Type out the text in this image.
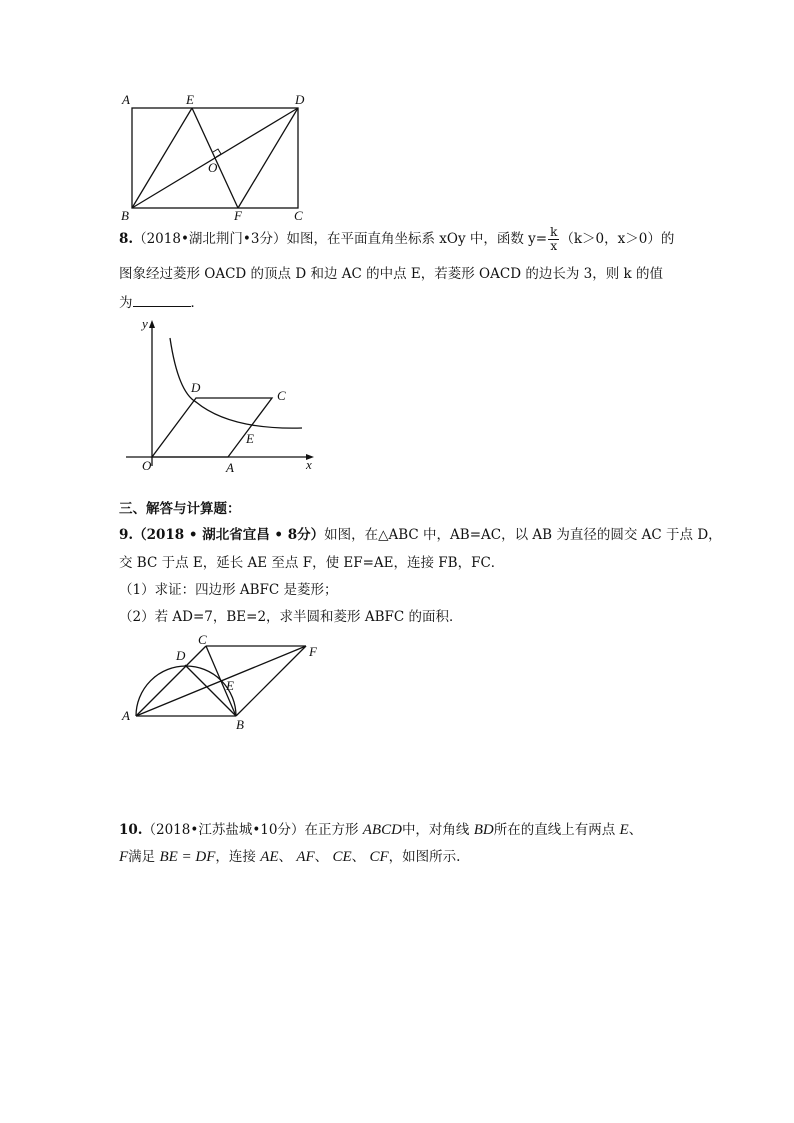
A	E	D
O
B	F	C
8.（2018•湖北荆门•3分）如图，在平面直角坐标系 xOy 中，函数 $y= \frac{k}{x} (k>0$，x＞0）的
图象经过菱形 OACD 的顶点 D 和边 AC 的中点 E，若菱形 OACD 的边长为 3，则 k 的值
为	．
y
x
O	A
C
D
E
三、解答与计算题：
9.（2018 • 湖北省宜昌 • 8分）如图，在△ABC 中，AB=AC，以 AB 为直径的圆交 AC 于点 D，
交 BC 于点 E，延长 AE 至点 F，使 EF=AE，连接 FB，FC．
（1）求证：四边形 ABFC 是菱形；
（2）若 AD=7，BE=2，求半圆和菱形 ABFC 的面积．
A
B
C
D
E
F
10.（2018•江苏盐城•10分）在正方形 ABCD中，对角线 BD所在的直线上有两点 E、
F满足 BE = DF，连接 AE、 AF、 CE、 CF，如图所示.
